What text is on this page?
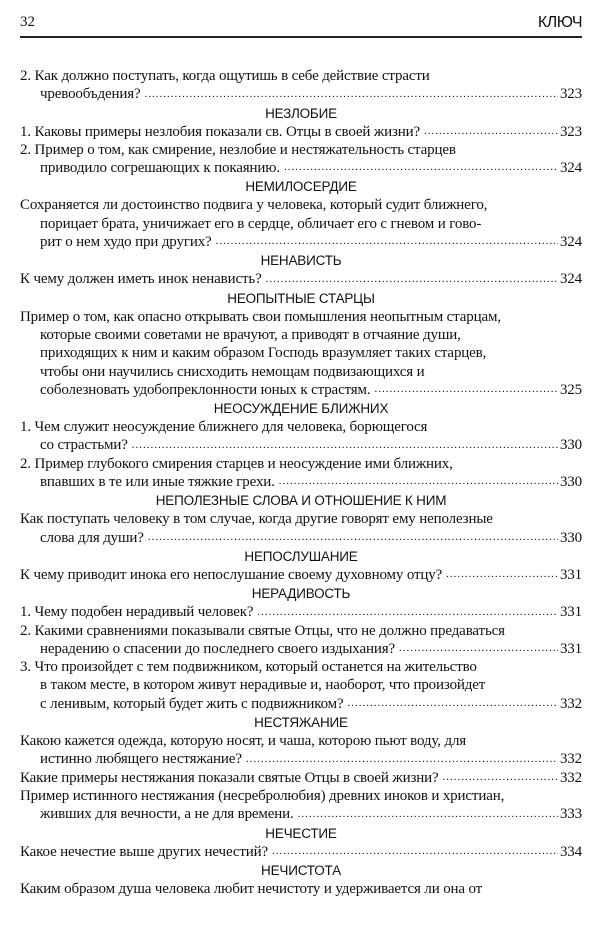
32	КЛЮЧ
2. Как должно поступать, когда ощутишь в себе действие страсти
чревообъдения? .....	323
НЕЗЛОБИЕ
1. Каковы примеры незлобия показали св. Отцы в своей жизни? .....	323
2. Пример о том, как смирение, незлобие и нестяжательность старцев
приводило согрешающих к покаянию. .....	324
НЕМИЛОСЕРДИЕ
Сохраняется ли достоинство подвига у человека, который судит ближнего,
порицает брата, уничижает его в сердце, обличает его с гневом и гово-
рит о нем худо при других? .....	324
НЕНАВИСТЬ
К чему должен иметь инок ненависть? .....	324
НЕОПЫТНЫЕ СТАРЦЫ
Пример о том, как опасно открывать свои помышления неопытным старцам,
которые своими советами не врачуют, а приводят в отчаяние души,
приходящих к ним и каким образом Господь вразумляет таких старцев,
чтобы они научились снисходить немощам подвизающихся и
соболезновать удобопреклонности юных к страстям. .....	325
НЕОСУЖДЕНИЕ БЛИЖНИХ
1. Чем служит неосуждение ближнего для человека, борющегося
со страстьми? .....	330
2. Пример глубокого смирения старцев и неосуждение ими ближних,
впавших в те или иные тяжкие грехи. .....	330
НЕПОЛЕЗНЫЕ СЛОВА И ОТНОШЕНИЕ К НИМ
Как поступать человеку в том случае, когда другие говорят ему неполезные
слова для души? .....	330
НЕПОСЛУШАНИЕ
К чему приводит инока его непослушание своему духовному отцу? .....	331
НЕРАДИВОСТЬ
1. Чему подобен нерадивый человек? .....	331
2. Какими сравнениями показывали святые Отцы, что не должно предаваться
нерадению о спасении до последнего своего издыхания? .....	331
3. Что произойдет с тем подвижником, который останется на жительство
в таком месте, в котором живут нерадивые и, наоборот, что произойдет
с ленивым, который будет жить с подвижником? .....	332
НЕСТЯЖАНИЕ
Какою кажется одежда, которую носят, и чаша, которою пьют воду, для
истинно любящего нестяжание? .....	332
Какие примеры нестяжания показали святые Отцы в своей жизни? .....	332
Пример истинного нестяжания (несребролюбия) древних иноков и христиан,
живших для вечности, а не для времени. .....	333
НЕЧЕСТИЕ
Какое нечестие выше других нечестий? .....	334
НЕЧИСТОТА
Каким образом душа человека любит нечистоту и удерживается ли она от
